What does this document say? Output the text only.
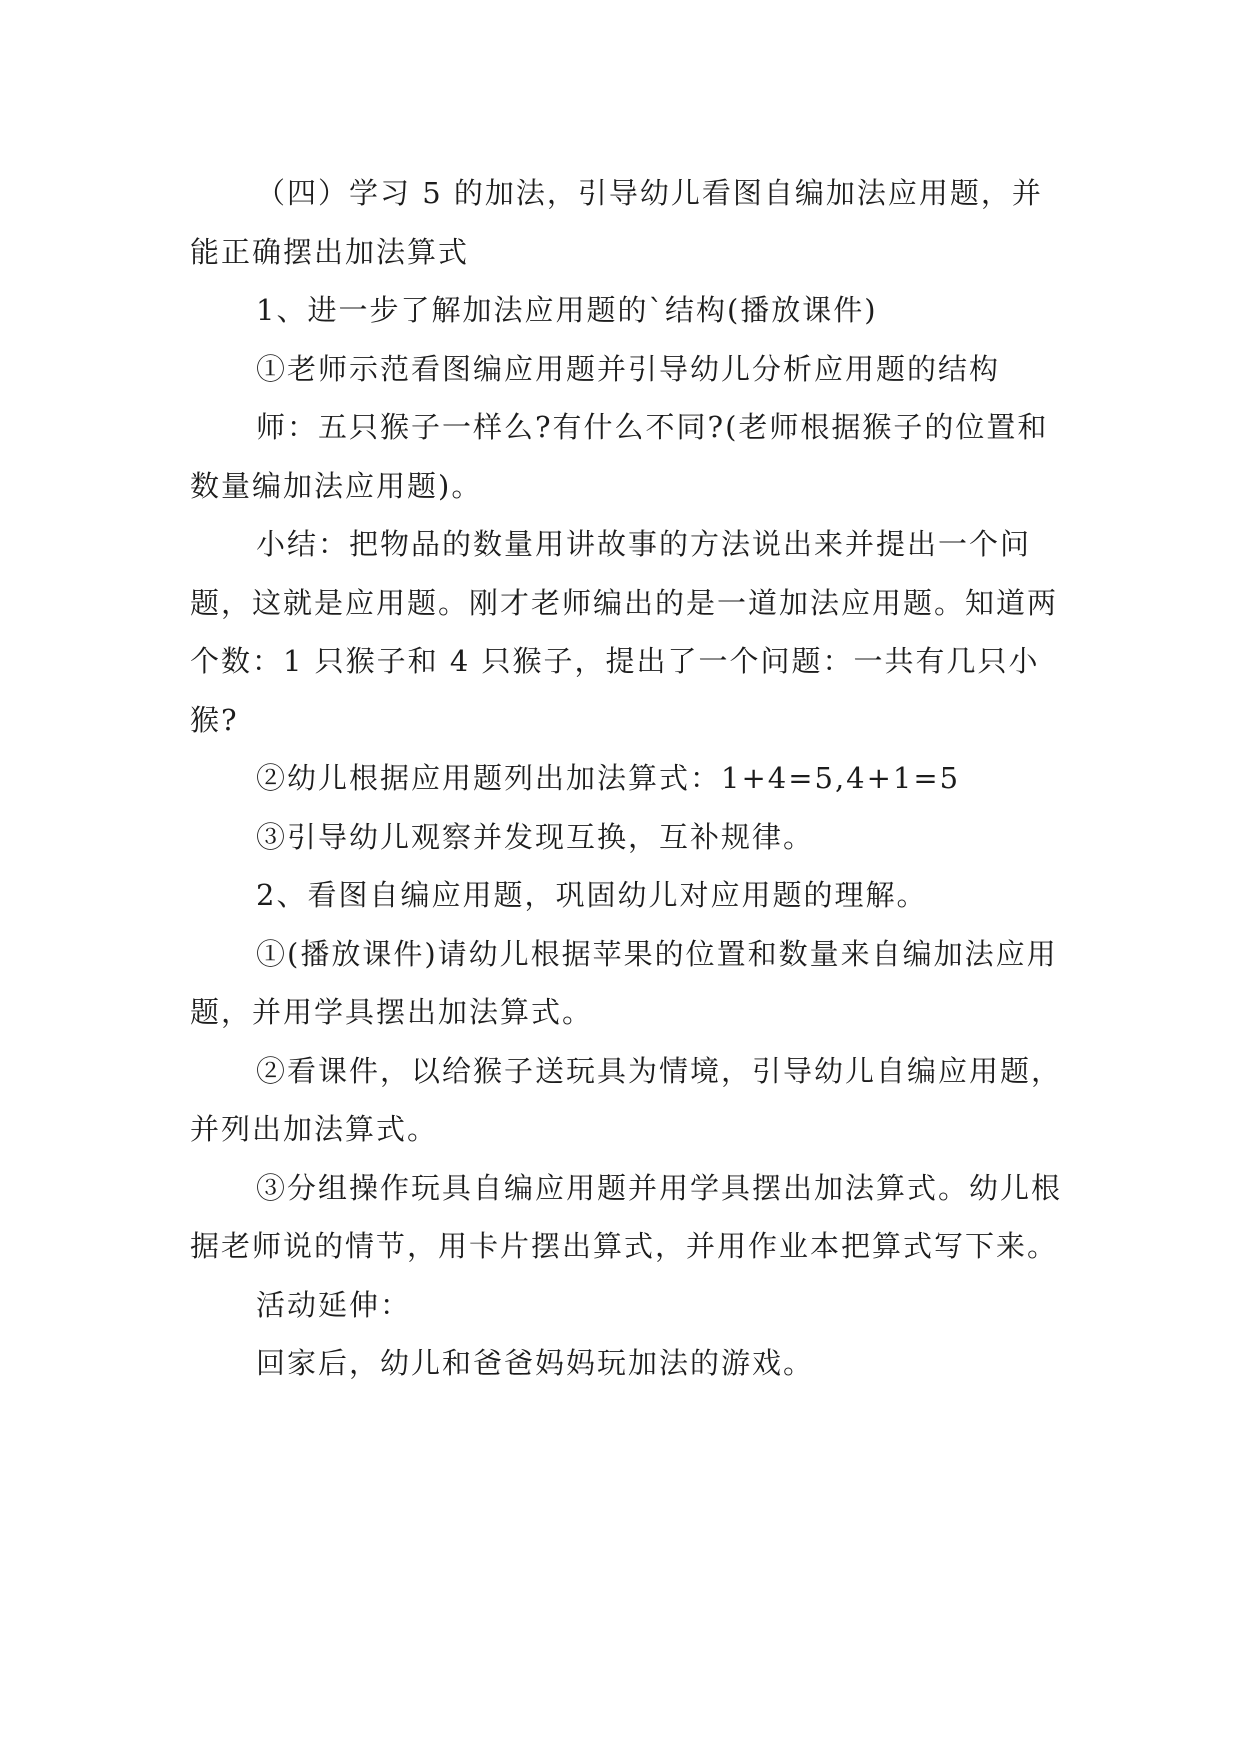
（四）学习 5 的加法，引导幼儿看图自编加法应用题，并能正确摆出加法算式

1、进一步了解加法应用题的`结构(播放课件)

①老师示范看图编应用题并引导幼儿分析应用题的结构

师：五只猴子一样么?有什么不同?(老师根据猴子的位置和数量编加法应用题)。

小结：把物品的数量用讲故事的方法说出来并提出一个问题，这就是应用题。刚才老师编出的是一道加法应用题。知道两个数：1 只猴子和 4 只猴子，提出了一个问题：一共有几只小猴?

②幼儿根据应用题列出加法算式：1+4=5,4+1=5

③引导幼儿观察并发现互换，互补规律。

2、看图自编应用题，巩固幼儿对应用题的理解。

①(播放课件)请幼儿根据苹果的位置和数量来自编加法应用题，并用学具摆出加法算式。

②看课件，以给猴子送玩具为情境，引导幼儿自编应用题，并列出加法算式。

③分组操作玩具自编应用题并用学具摆出加法算式。幼儿根据老师说的情节，用卡片摆出算式，并用作业本把算式写下来。

活动延伸：

回家后，幼儿和爸爸妈妈玩加法的游戏。
